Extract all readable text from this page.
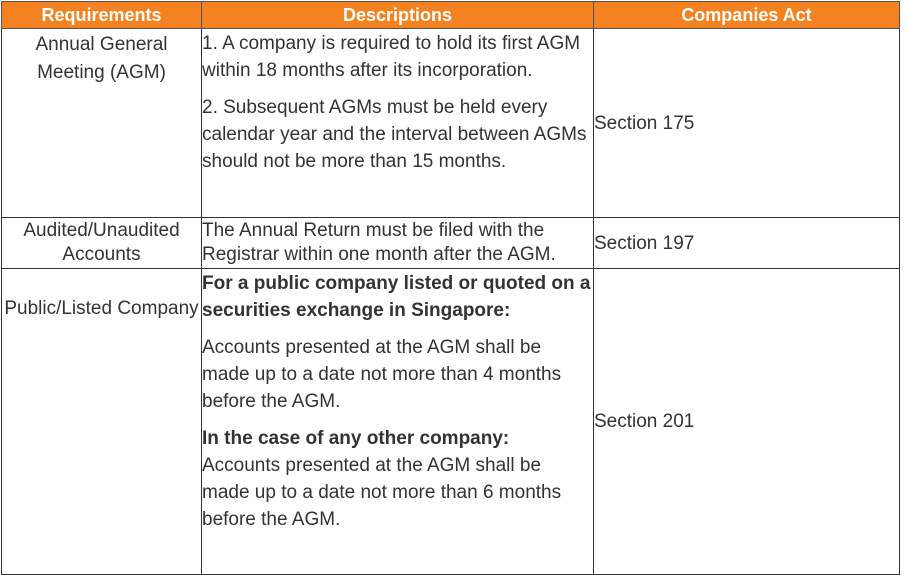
Requirements	Descriptions	Companies Act
Annual General Meeting (AGM)	1. A company is required to hold its first AGM within 18 months after its incorporation.

2. Subsequent AGMs must be held every calendar year and the interval between AGMs should not be more than 15 months.	Section 175
Audited/Unaudited Accounts	The Annual Return must be filed with the Registrar within one month after the AGM.	Section 197
Public/Listed Company	For a public company listed or quoted on a securities exchange in Singapore:

Accounts presented at the AGM shall be made up to a date not more than 4 months before the AGM.

In the case of any other company:

Accounts presented at the AGM shall be made up to a date not more than 6 months before the AGM.	Section 201
